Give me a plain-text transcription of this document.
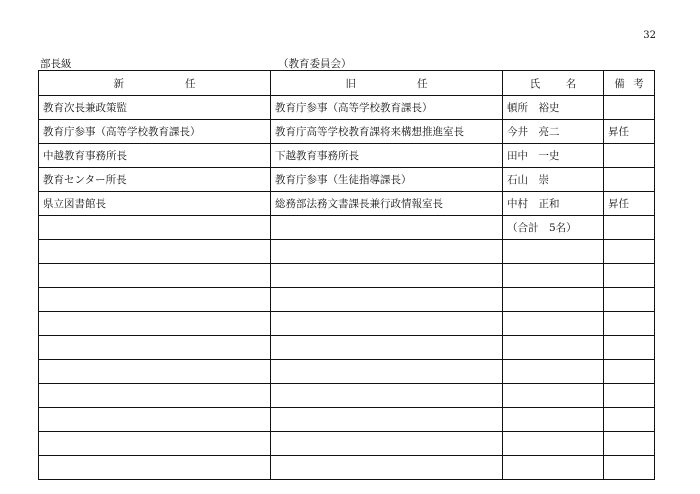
32
部長級	（教育委員会）
新 任	旧 任	氏 名	備 考

教育次長兼政策監	教育庁参事（高等学校教育課長）	頓所　裕史	
教育庁参事（高等学校教育課長）	教育庁高等学校教育課将来構想推進室長	今井　亮二	昇任
中越教育事務所長	下越教育事務所長	田中　一史	
教育センター所長	教育庁参事（生徒指導課長）	石山　崇	
県立図書館長	総務部法務文書課長兼行政情報室長	中村　正和	昇任
		（合計　5名）	
